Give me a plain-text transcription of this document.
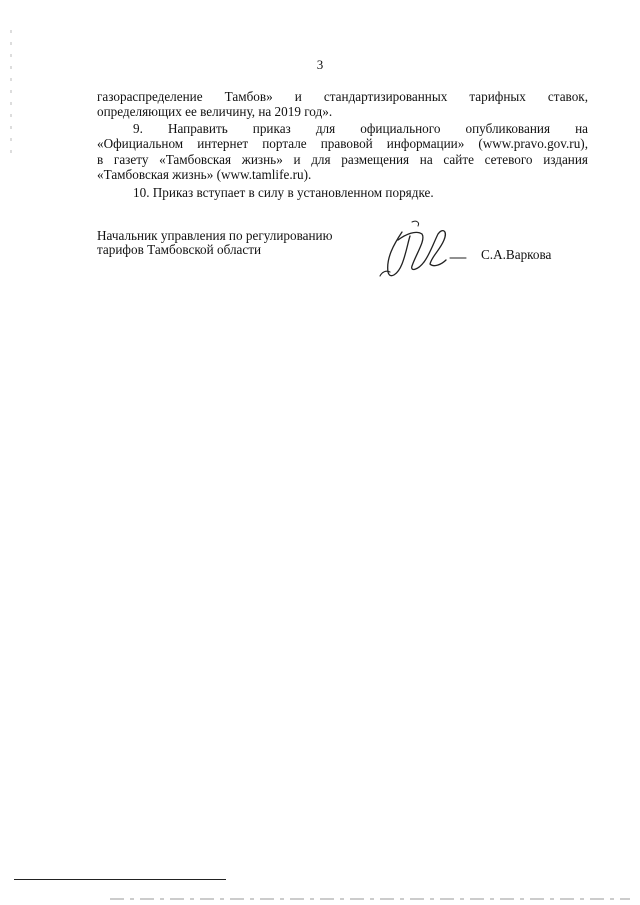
3
газораспределение Тамбов» и стандартизированных тарифных ставок,
определяющих ее величину, на 2019 год».
9. Направить приказ для официального опубликования на
«Официальном интернет портале правовой информации» (www.pravo.gov.ru),
в газету «Тамбовская жизнь» и для размещения на сайте сетевого издания
«Тамбовская жизнь» (www.tamlife.ru).
10. Приказ вступает в силу в установленном порядке.
Начальник управления по регулированию
тарифов Тамбовской области	С.А.Варкова
